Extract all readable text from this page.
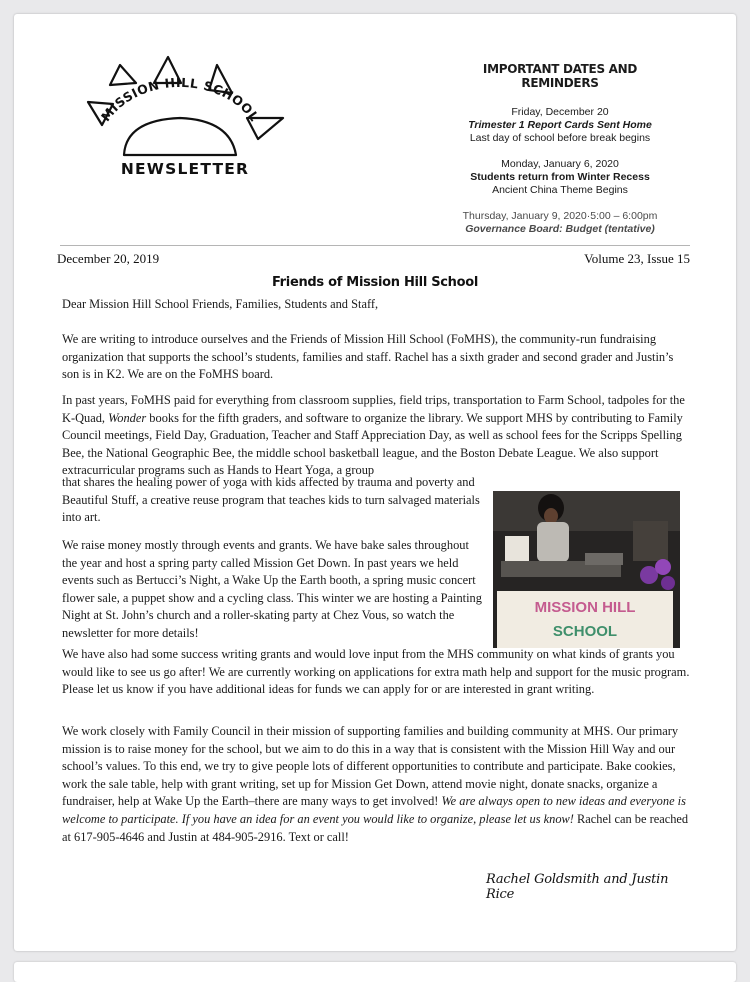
MISSION HILL SCHOOL
NEWSLETTER
IMPORTANT DATES AND REMINDERS
Friday, December 20
Trimester 1 Report Cards Sent Home
Last day of school before break begins
Monday, January 6, 2020
Students return from Winter Recess
Ancient China Theme Begins
Thursday, January 9, 2020·5:00 – 6:00pm
Governance Board: Budget (tentative)
December 20, 2019	Volume 23, Issue 15
Friends of Mission Hill School
Dear Mission Hill School Friends, Families, Students and Staff,
We are writing to introduce ourselves and the Friends of Mission Hill School (FoMHS), the community-run fundraising organization that supports the school’s students, families and staff. Rachel has a sixth grader and second grader and Justin’s son is in K2. We are on the FoMHS board.
In past years, FoMHS paid for everything from classroom supplies, field trips, transportation to Farm School, tadpoles for the K-Quad, Wonder books for the fifth graders, and software to organize the library. We support MHS by contributing to Family Council meetings, Field Day, Graduation, Teacher and Staff Appreciation Day, as well as school fees for the Scripps Spelling Bee, the National Geographic Bee, the middle school basketball league, and the Boston Debate League. We also support extracurricular programs such as Hands to Heart Yoga, a group
that shares the healing power of yoga with kids affected by trauma and poverty and Beautiful Stuff, a creative reuse program that teaches kids to turn salvaged materials into art.
We raise money mostly through events and grants. We have bake sales throughout the year and host a spring party called Mission Get Down. In past years we held events such as Bertucci’s Night, a Wake Up the Earth booth, a spring music concert flower sale, a puppet show and a cycling class. This winter we are hosting a Painting Night at St. John’s church and a roller-skating party at Chez Vous, so watch the newsletter for more details!
MISSION HILL
SCHOOL
We have also had some success writing grants and would love input from the MHS community on what kinds of grants you would like to see us go after! We are currently working on applications for extra math help and support for the music program. Please let us know if you have additional ideas for funds we can apply for or are interested in grant writing.
We work closely with Family Council in their mission of supporting families and building community at MHS. Our primary mission is to raise money for the school, but we aim to do this in a way that is consistent with the Mission Hill Way and our school’s values. To this end, we try to give people lots of different opportunities to contribute and participate. Bake cookies, work the sale table, help with grant writing, set up for Mission Get Down, attend movie night, donate snacks, organize a fundraiser, help at Wake Up the Earth–there are many ways to get involved! We are always open to new ideas and everyone is welcome to participate. If you have an idea for an event you would like to organize, please let us know! Rachel can be reached at 617-905-4646 and Justin at 484-905-2916. Text or call!
Rachel Goldsmith and Justin Rice
